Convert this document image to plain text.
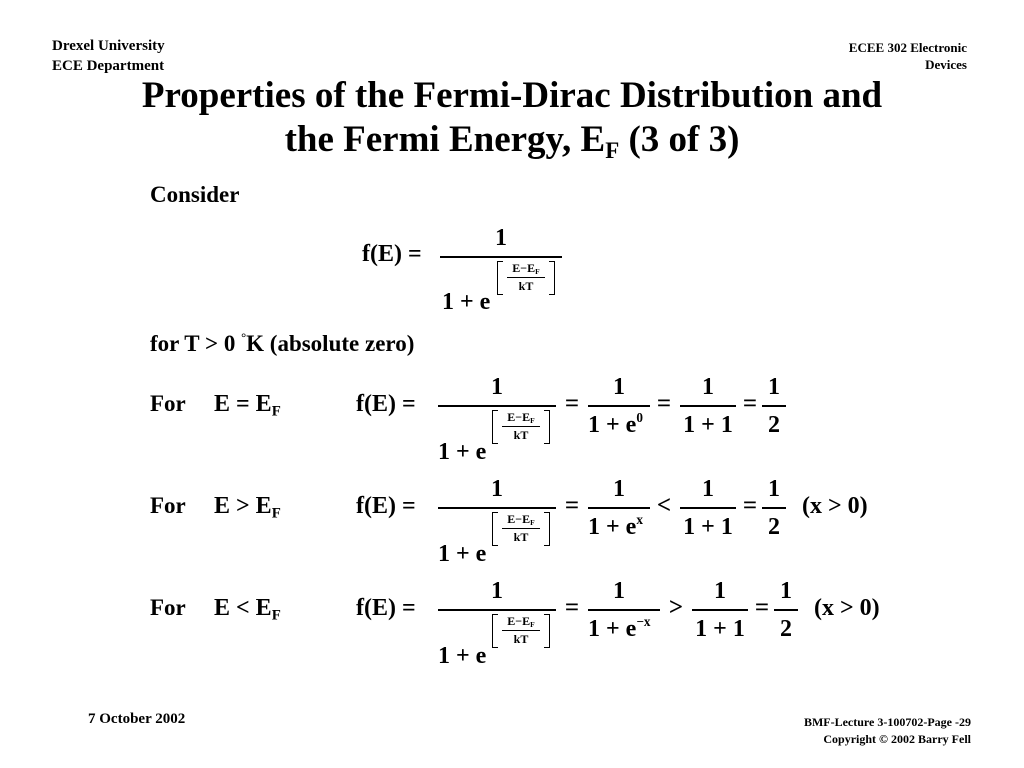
Drexel University
ECE Department
ECEE 302 Electronic
Devices
Properties of the Fermi-Dirac Distribution and
the Fermi Energy, $E_F$ (3 of 3)
Consider
f(E) =
1
1 + e
$E-E_F$
kT
for T > 0 °K (absolute zero)
For $E = E_F$	f(E) =
1
1 + e
$E-E_F$
kT
=
1
$1 + e^0$
=
1
1 + 1
=
1
2
For $E > E_F$	f(E) =
1
1 + e
$E-E_F$
kT
=
1
$1 + e^x$
<
1
1 + 1
=
1
2
(x > 0)
For $E < E_F$	f(E) =
1
1 + e
$E-E_F$
kT
=
1
$1 + e^{-x}$
>
1
1 + 1
=
1
2
(x > 0)
7 October 2002	BMF-Lecture 3-100702-Page -29
Copyright © 2002 Barry Fell
